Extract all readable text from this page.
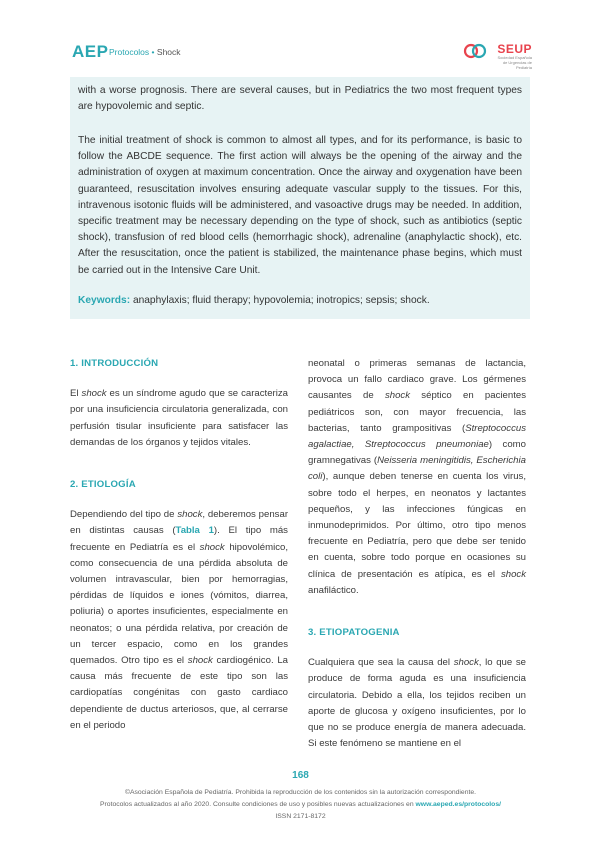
AEP Protocolos • Shock	SEUP
Sociedad Española de Urgencias de Pediatría

with a worse prognosis. There are several causes, but in Pediatrics the two most frequent types are hypovolemic and septic.

The initial treatment of shock is common to almost all types, and for its performance, is basic to follow the ABCDE sequence. The first action will always be the opening of the airway and the administration of oxygen at maximum concentration. Once the airway and oxygenation have been guaranteed, resuscitation involves ensuring adequate vascular supply to the tissues. For this, intravenous isotonic fluids will be administered, and vasoactive drugs may be needed. In addition, specific treatment may be necessary depending on the type of shock, such as antibiotics (septic shock), transfusion of red blood cells (hemorrhagic shock), adrenaline (anaphylactic shock), etc. After the resuscitation, once the patient is stabilized, the maintenance phase begins, which must be carried out in the Intensive Care Unit.

Keywords: anaphylaxis; fluid therapy; hypovolemia; inotropics; sepsis; shock.

1. INTRODUCCIÓN

El shock es un síndrome agudo que se caracteriza por una insuficiencia circulatoria generalizada, con perfusión tisular insuficiente para satisfacer las demandas de los órganos y tejidos vitales.

2. ETIOLOGÍA

Dependiendo del tipo de shock, deberemos pensar en distintas causas (Tabla 1). El tipo más frecuente en Pediatría es el shock hipovolémico, como consecuencia de una pérdida absoluta de volumen intravascular, bien por hemorragias, pérdidas de líquidos e iones (vómitos, diarrea, poliuria) o aportes insuficientes, especialmente en neonatos; o una pérdida relativa, por creación de un tercer espacio, como en los grandes quemados. Otro tipo es el shock cardiogénico. La causa más frecuente de este tipo son las cardiopatías congénitas con gasto cardiaco dependiente de ductus arteriosos, que, al cerrarse en el periodo

neonatal o primeras semanas de lactancia, provoca un fallo cardiaco grave. Los gérmenes causantes de shock séptico en pacientes pediátricos son, con mayor frecuencia, las bacterias, tanto grampositivas (Streptococcus agalactiae, Streptococcus pneumoniae) como gramnegativas (Neisseria meningitidis, Escherichia coli), aunque deben tenerse en cuenta los virus, sobre todo el herpes, en neonatos y lactantes pequeños, y las infecciones fúngicas en inmunodeprimidos. Por último, otro tipo menos frecuente en Pediatría, pero que debe ser tenido en cuenta, sobre todo porque en ocasiones su clínica de presentación es atípica, es el shock anafiláctico.

3. ETIOPATOGENIA

Cualquiera que sea la causa del shock, lo que se produce de forma aguda es una insuficiencia circulatoria. Debido a ella, los tejidos reciben un aporte de glucosa y oxígeno insuficientes, por lo que no se produce energía de manera adecuada. Si este fenómeno se mantiene en el

168
©Asociación Española de Pediatría. Prohibida la reproducción de los contenidos sin la autorización correspondiente.
Protocolos actualizados al año 2020. Consulte condiciones de uso y posibles nuevas actualizaciones en www.aeped.es/protocolos/
ISSN 2171-8172
